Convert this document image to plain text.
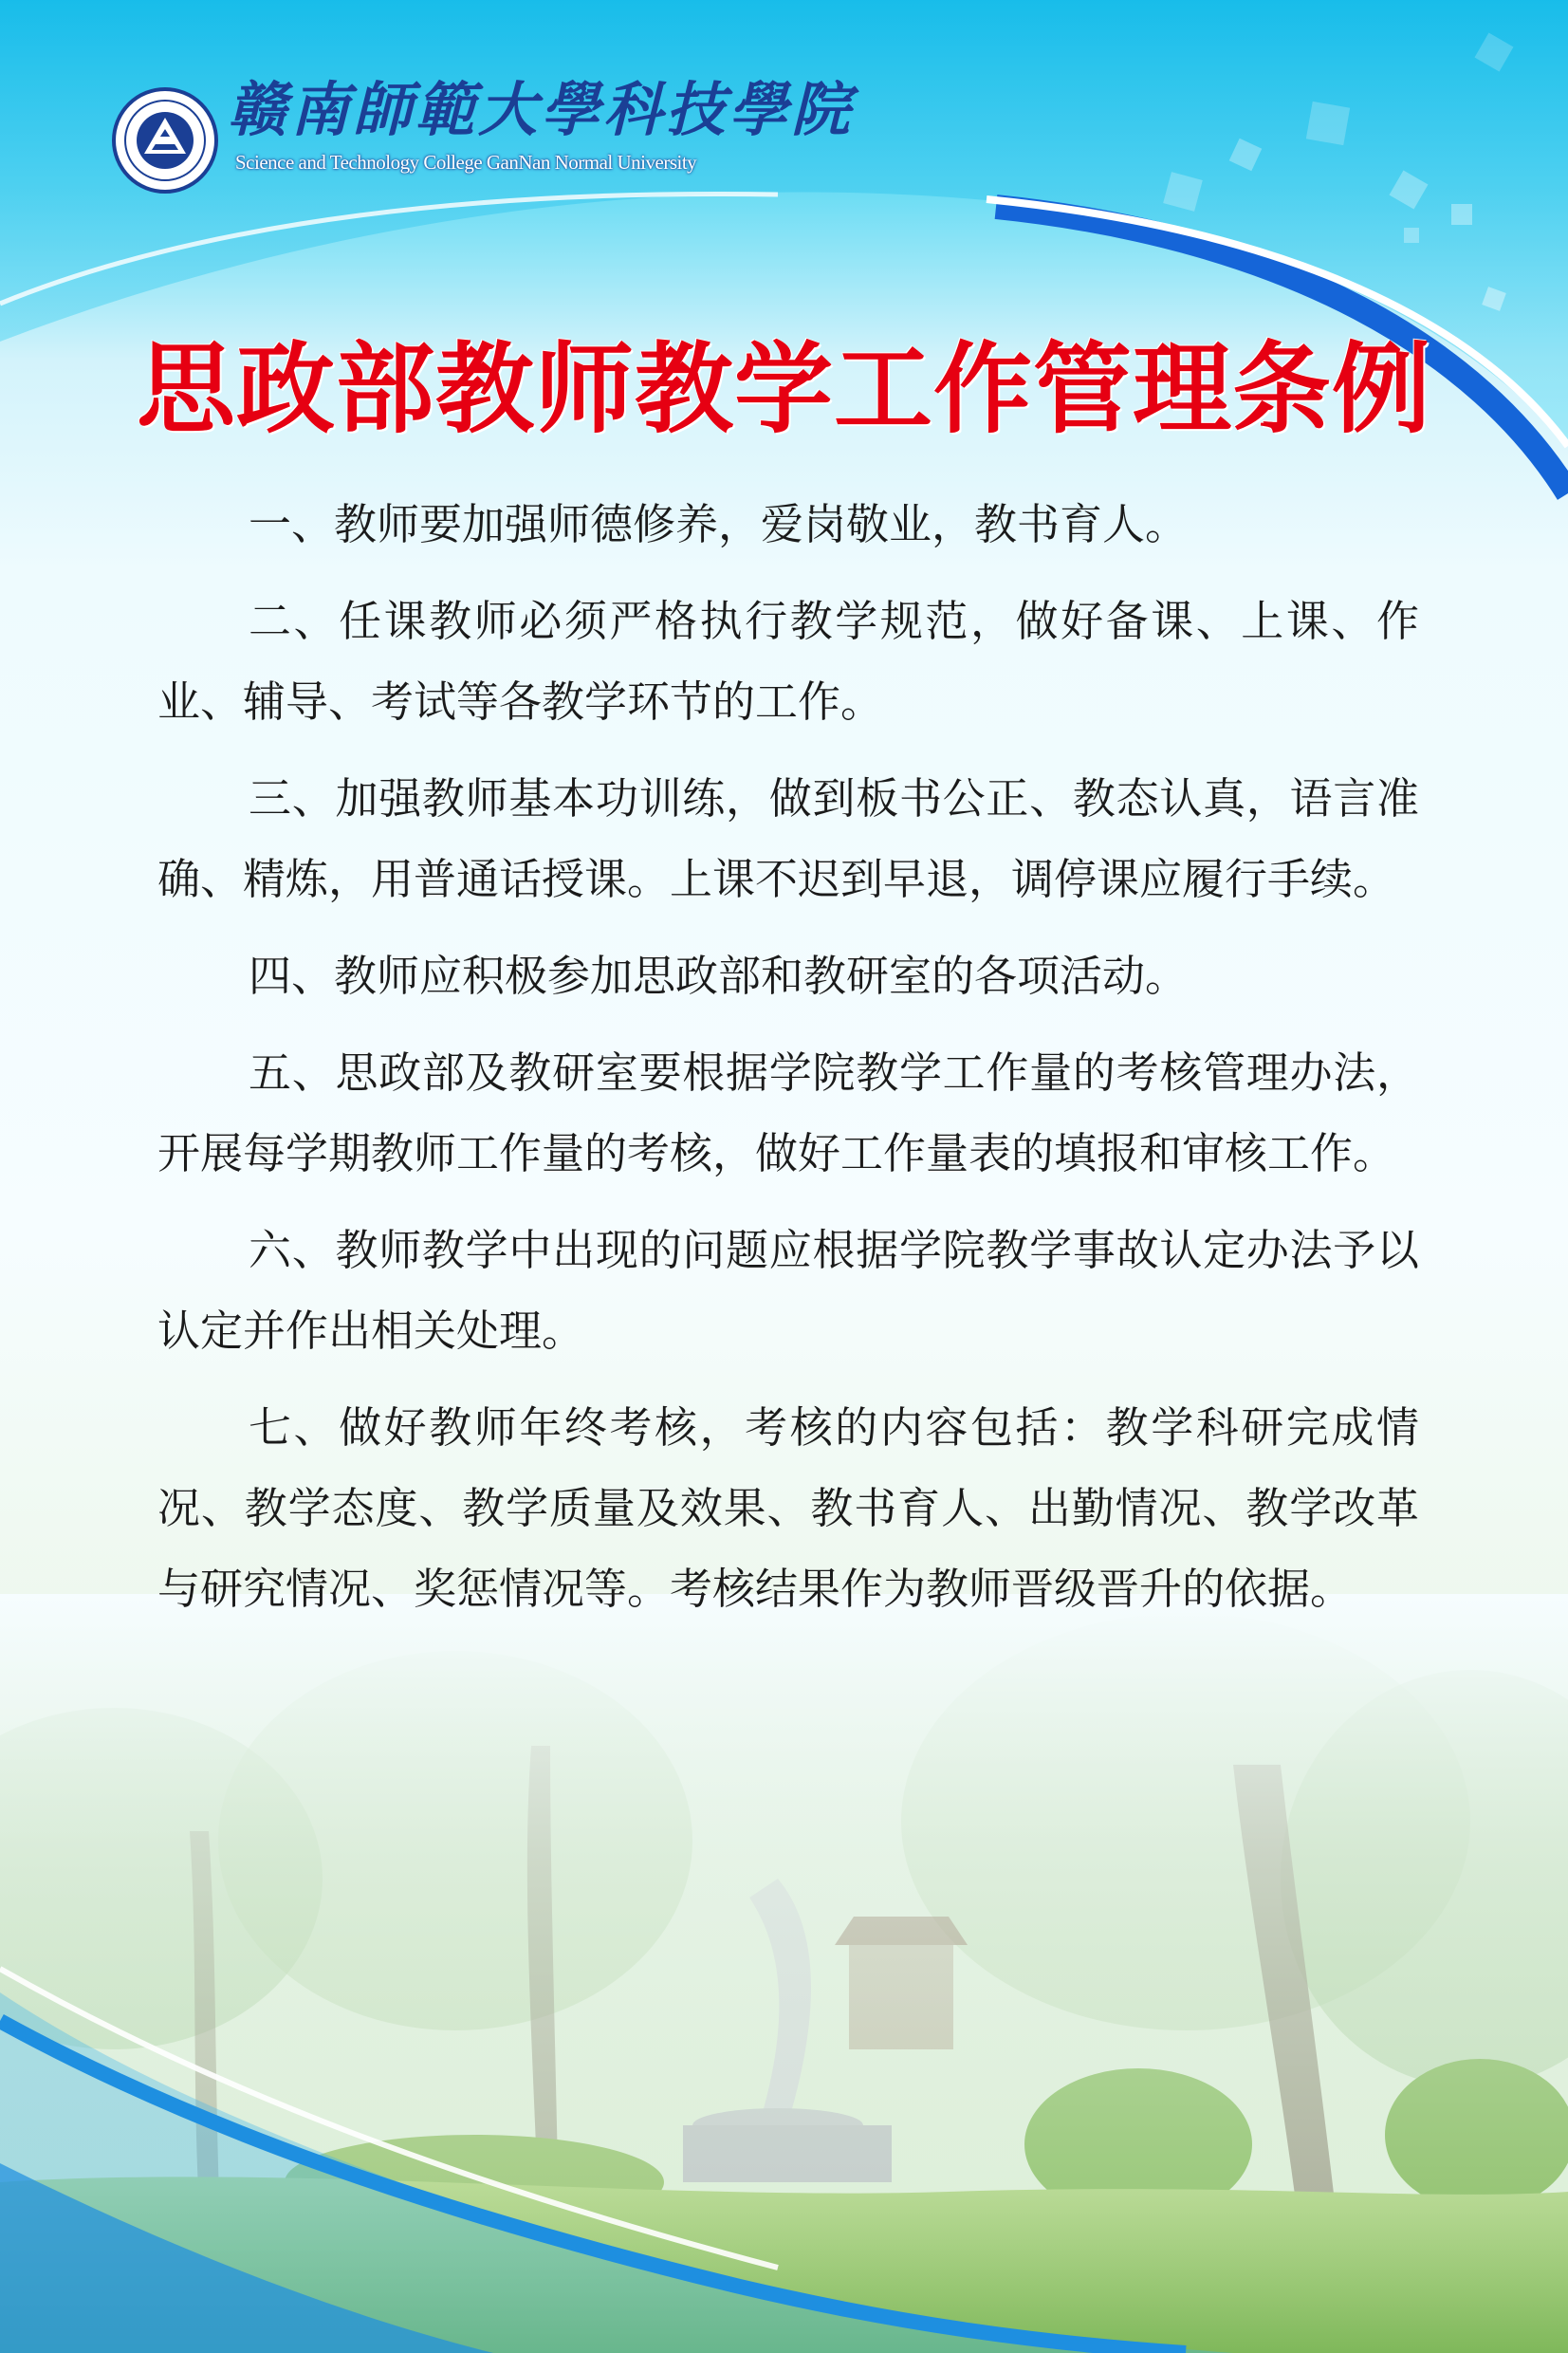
赣南師範大學科技學院
Science and Technology College GanNan Normal University
思政部教师教学工作管理条例

一、教师要加强师德修养，爱岗敬业，教书育人。

二、任课教师必须严格执行教学规范，做好备课、上课、作业、辅导、考试等各教学环节的工作。

三、加强教师基本功训练，做到板书公正、教态认真，语言准确、精炼，用普通话授课。上课不迟到早退，调停课应履行手续。

四、教师应积极参加思政部和教研室的各项活动。

五、思政部及教研室要根据学院教学工作量的考核管理办法，开展每学期教师工作量的考核，做好工作量表的填报和审核工作。

六、教师教学中出现的问题应根据学院教学事故认定办法予以认定并作出相关处理。

七、做好教师年终考核，考核的内容包括：教学科研完成情况、教学态度、教学质量及效果、教书育人、出勤情况、教学改革与研究情况、奖惩情况等。考核结果作为教师晋级晋升的依据。
